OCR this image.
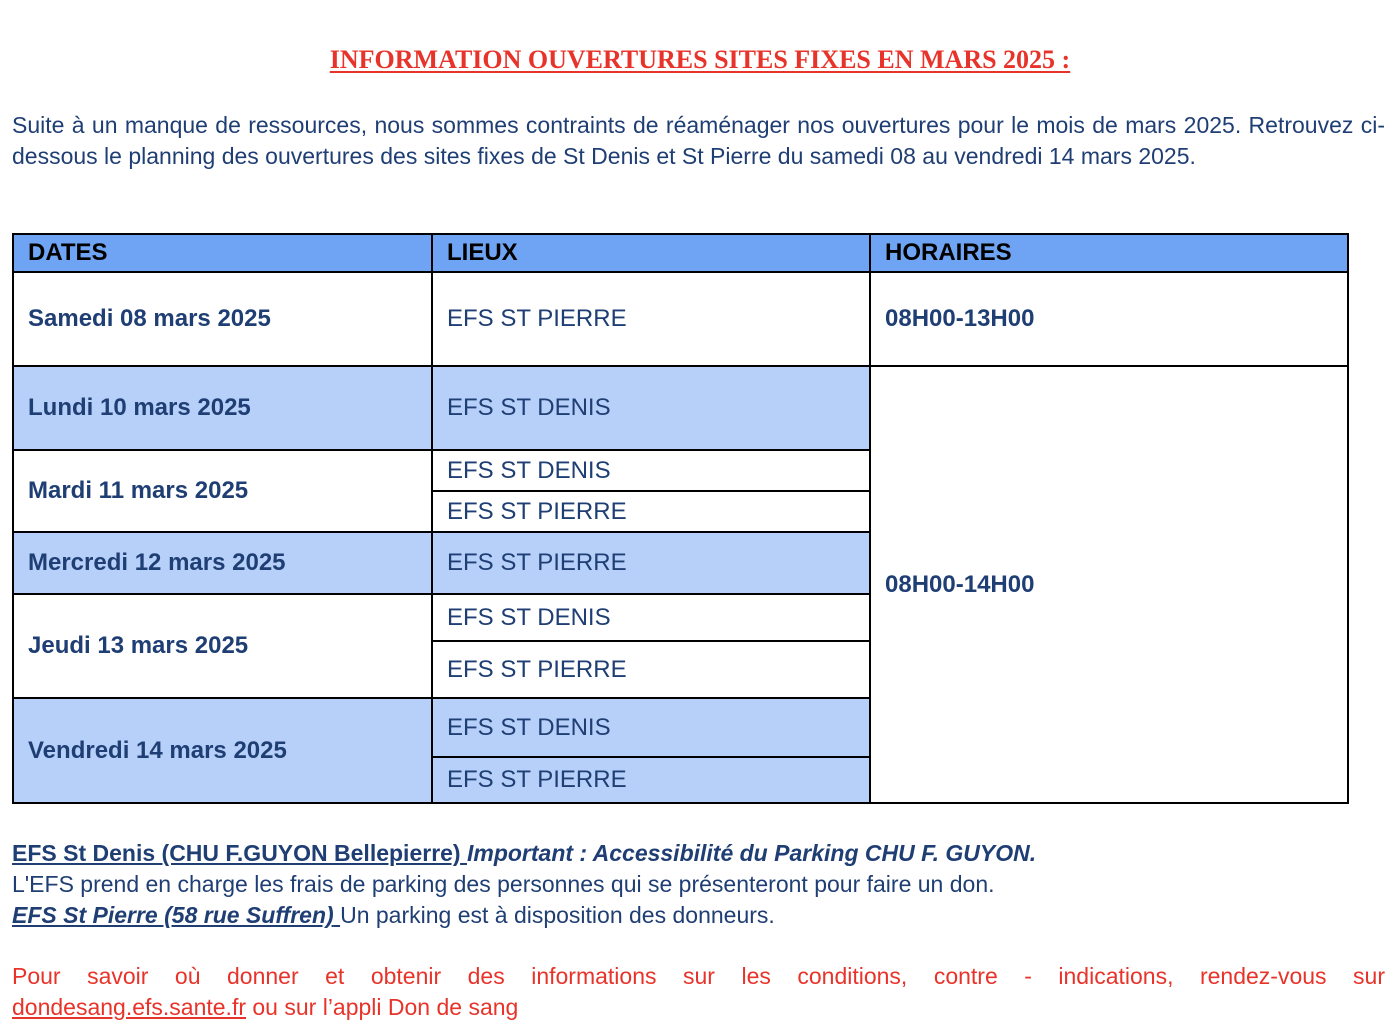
INFORMATION OUVERTURES SITES FIXES EN MARS 2025 :

Suite à un manque de ressources, nous sommes contraints de réaménager nos ouvertures pour le mois de mars 2025. Retrouvez ci-dessous le planning des ouvertures des sites fixes de St Denis et St Pierre du samedi 08 au vendredi 14 mars 2025.

DATES	LIEUX	HORAIRES
Samedi 08 mars 2025	EFS ST PIERRE	08H00-13H00
Lundi 10 mars 2025	EFS ST DENIS	08H00-14H00
Mardi 11 mars 2025	EFS ST DENIS	
	EFS ST PIERRE	
Mercredi 12 mars 2025	EFS ST PIERRE	
Jeudi 13 mars 2025	EFS ST DENIS	
	EFS ST PIERRE	
Vendredi 14 mars 2025	EFS ST DENIS	
	EFS ST PIERRE	
EFS St Denis (CHU F.GUYON Bellepierre) Important : Accessibilité du Parking CHU F. GUYON.
L'EFS prend en charge les frais de parking des personnes qui se présenteront pour faire un don.
EFS St Pierre (58 rue Suffren) Un parking est à disposition des donneurs.

Pour savoir où donner et obtenir des informations sur les conditions, contre - indications, rendez-vous sur dondesang.efs.sante.fr ou sur l’appli Don de sang
